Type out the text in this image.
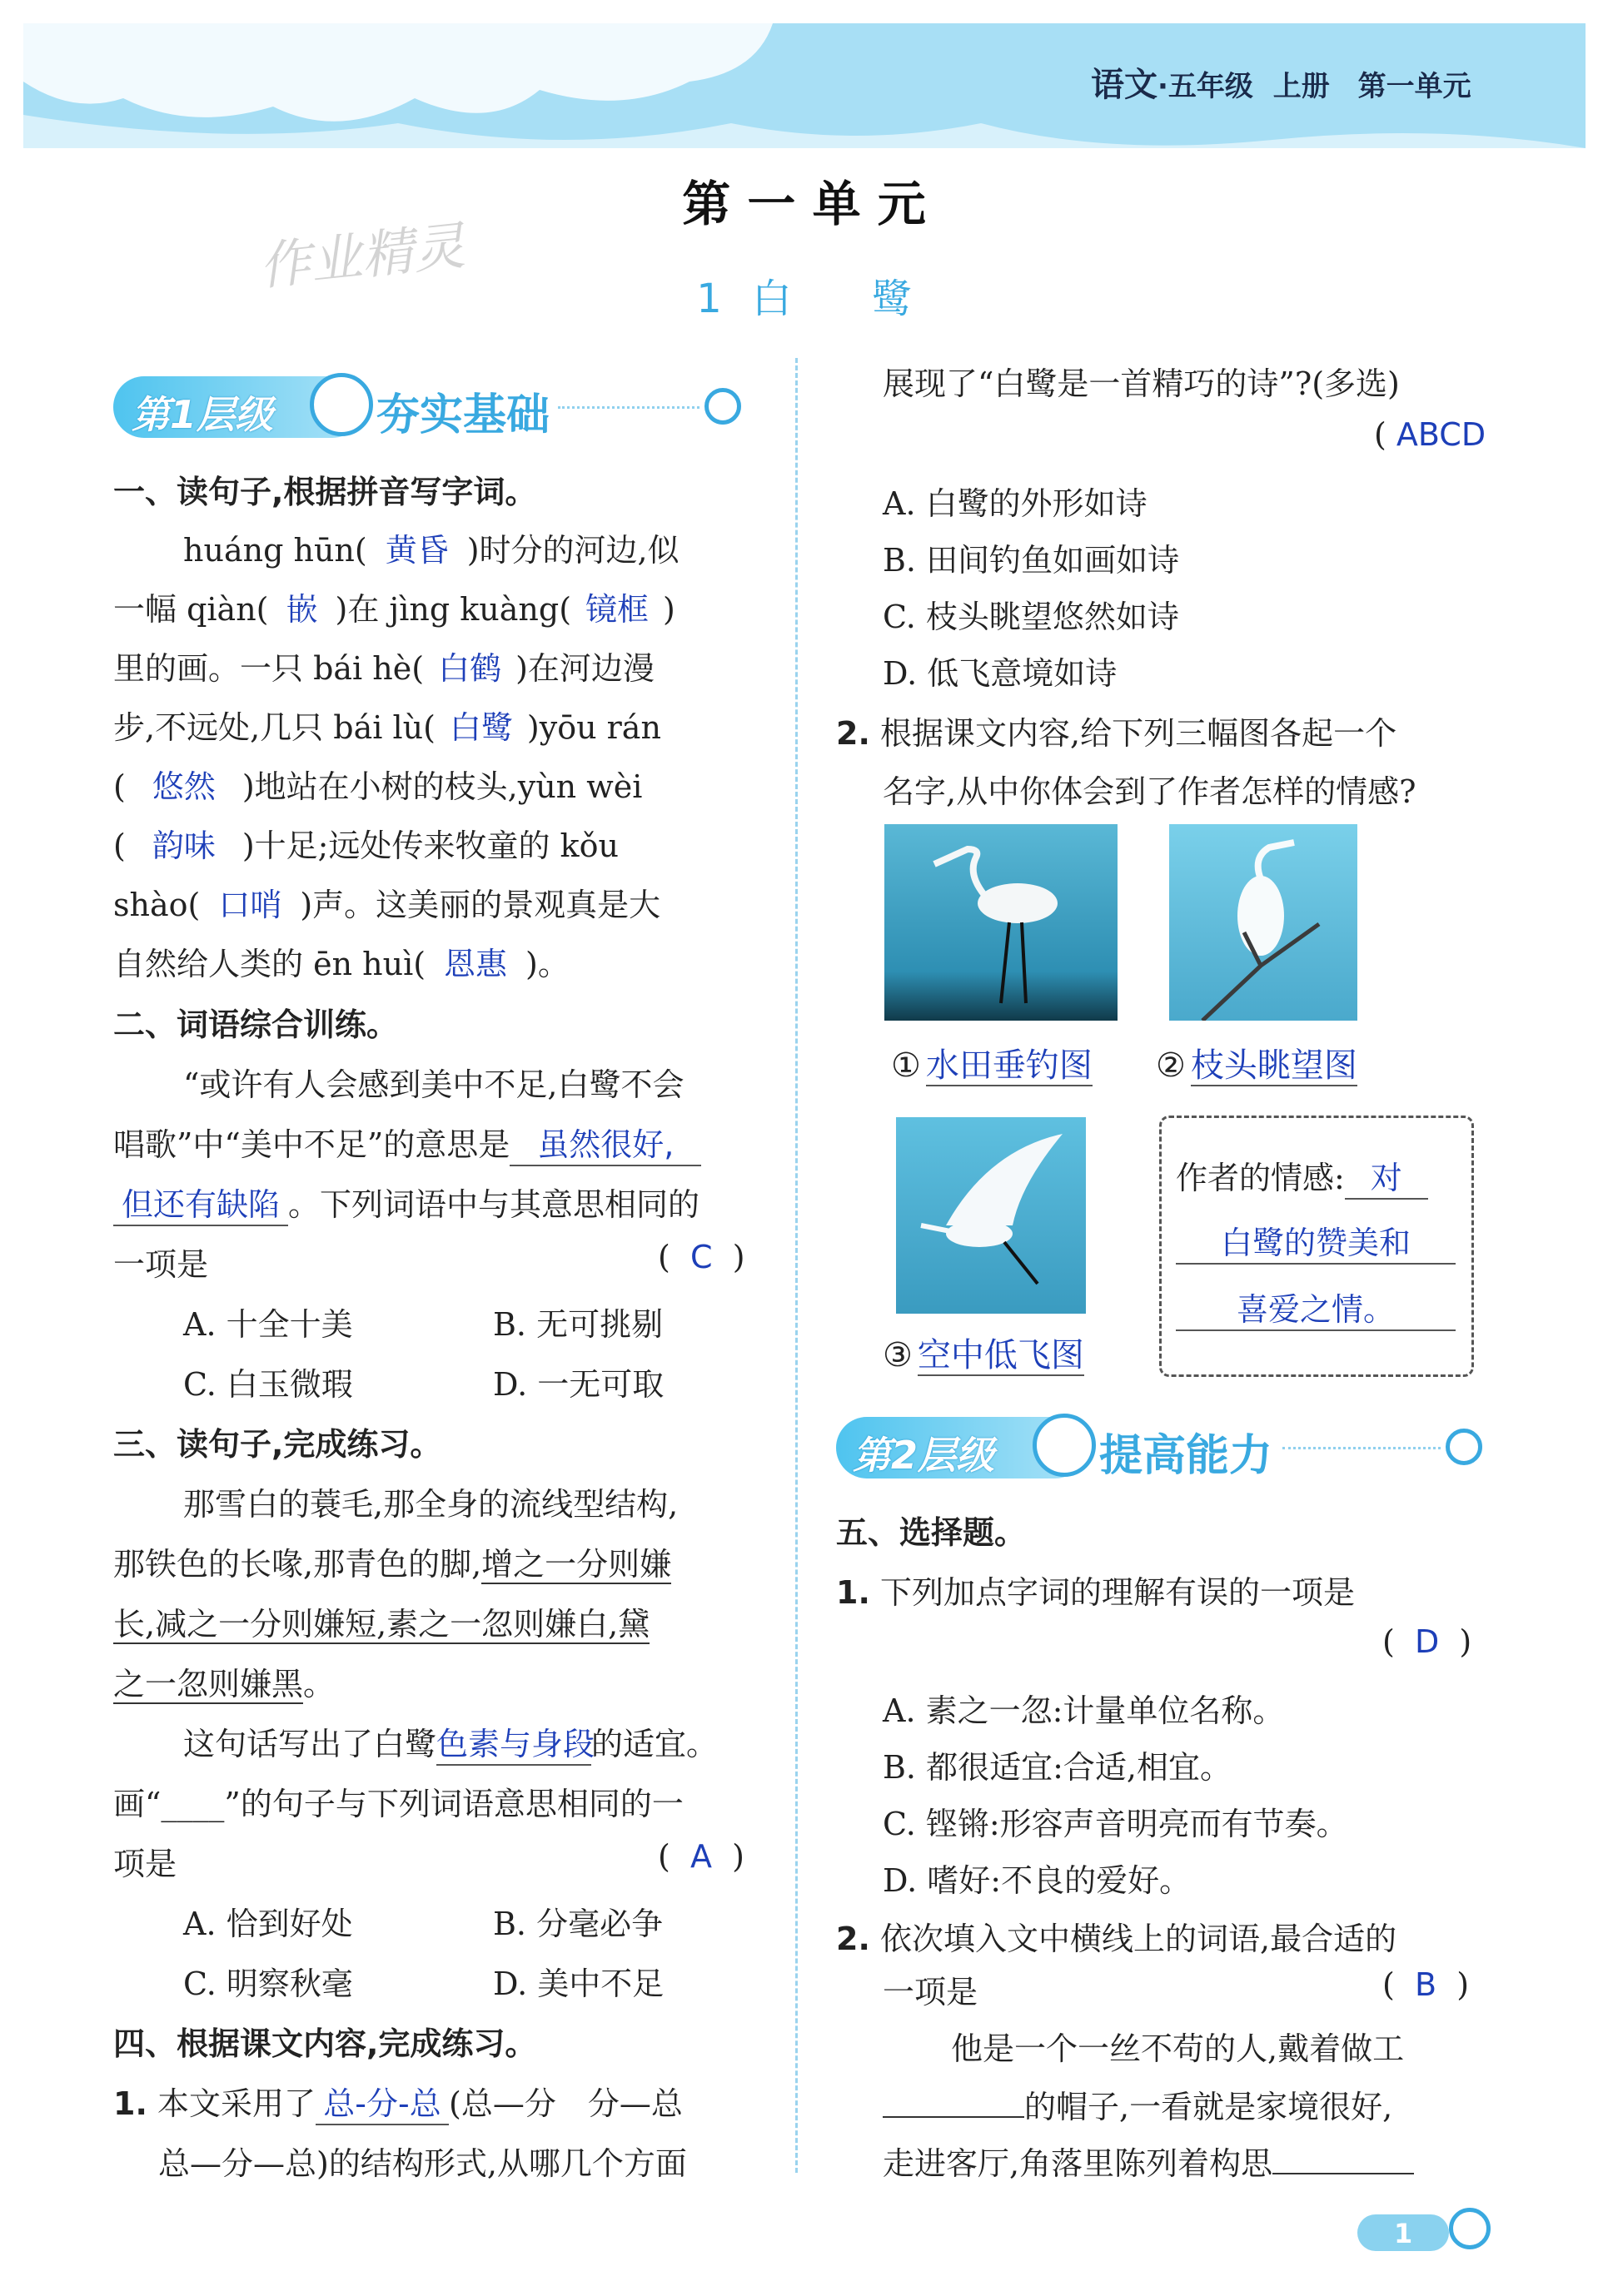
语文·五年级 上册 第一单元
第 一 单 元
作业精灵
1 白　　鹭
第1层级 夯实基础
一、读句子,根据拼音写字词。
huáng hūn( 黄昏 )时分的河边,似
一幅 qiàn( 嵌 )在 jìng kuàng( 镜框 )
里的画。一只 bái hè( 白鹤 )在河边漫
步,不远处,几只 bái lù( 白鹭 )yōu rán
( 悠然 )地站在小树的枝头,yùn wèi
( 韵味 )十足;远处传来牧童的 kǒu
shào( 口哨 )声。这美丽的景观真是大
自然给人类的 ēn huì( 恩惠 )。
二、词语综合训练。
“或许有人会感到美中不足,白鹭不会
唱歌”中“美中不足”的意思是 虽然很好,
但还有缺陷 。下列词语中与其意思相同的
一项是	(  C  )
A. 十全十美	B. 无可挑剔
C. 白玉微瑕	D. 一无可取
三、读句子,完成练习。
那雪白的蓑毛,那全身的流线型结构,
那铁色的长喙,那青色的脚,增之一分则嫌
长,减之一分则嫌短,素之一忽则嫌白,黛
之一忽则嫌黑。
这句话写出了白鹭色素与身段的适宜。
画“____”的句子与下列词语意思相同的一
项是	(  A  )
A. 恰到好处	B. 分毫必争
C. 明察秋毫	D. 美中不足
四、根据课文内容,完成练习。
1. 本文采用了 总-分-总 (总—分　分—总
总—分—总)的结构形式,从哪几个方面
展现了“白鹭是一首精巧的诗”?(多选)
( ABCD
A. 白鹭的外形如诗
B. 田间钓鱼如画如诗
C. 枝头眺望悠然如诗
D. 低飞意境如诗
2. 根据课文内容,给下列三幅图各起一个
名字,从中你体会到了作者怎样的情感?
① 水田垂钓图 ② 枝头眺望图
③ 空中低飞图
作者的情感: 对
白鹭的赞美和
喜爱之情。
第2层级 提高能力
五、选择题。
1. 下列加点字词的理解有误的一项是
(  D  )
A. 素之一忽:计量单位名称。
B. 都很适宜:合适,相宜。
C. 铿锵:形容声音明亮而有节奏。
D. 嗜好:不良的爱好。
2. 依次填入文中横线上的词语,最合适的
一项是	(  B  )
他是一个一丝不苟的人,戴着做工
的帽子,一看就是家境很好,
走进客厅,角落里陈列着构思
1
